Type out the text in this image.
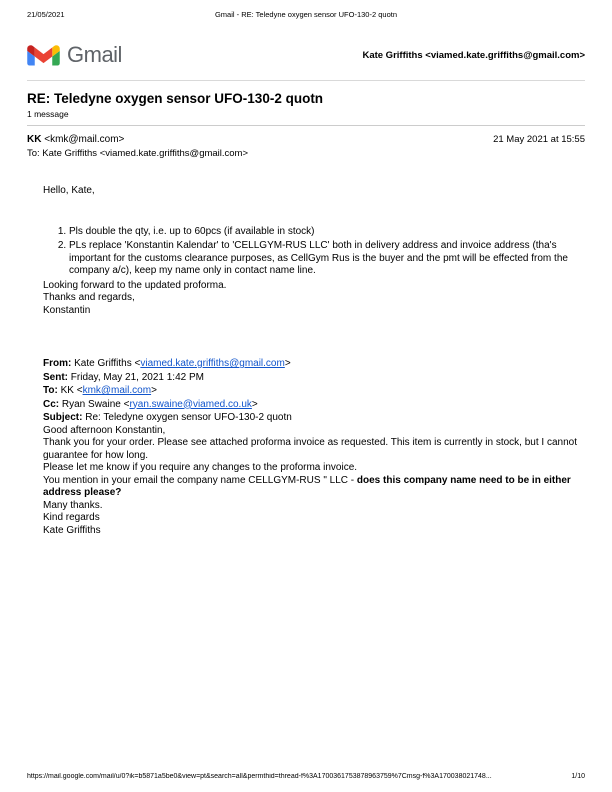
21/05/2021	Gmail - RE: Teledyne oxygen sensor UFO-130-2 quotn
Gmail	Kate Griffiths <viamed.kate.griffiths@gmail.com>
RE: Teledyne oxygen sensor UFO-130-2 quotn
1 message
KK <kmk@mail.com>	21 May 2021 at 15:55
To: Kate Griffiths <viamed.kate.griffiths@gmail.com>

Hello, Kate,

1. Pls double the qty, i.e. up to 60pcs (if available in stock)
2. PLs replace 'Konstantin Kalendar' to 'CELLGYM-RUS LLC' both in delivery address and invoice address (tha's important for the customs clearance purposes, as CellGym Rus is the buyer and the pmt will be effected from the company a/c), keep my name only in contact name line.

Looking forward to the updated proforma.

Thanks and regards,

Konstantin

From: Kate Griffiths <viamed.kate.griffiths@gmail.com>
Sent: Friday, May 21, 2021 1:42 PM
To: KK <kmk@mail.com>
Cc: Ryan Swaine <ryan.swaine@viamed.co.uk>
Subject: Re: Teledyne oxygen sensor UFO-130-2 quotn

Good afternoon Konstantin,

Thank you for your order. Please see attached proforma invoice as requested. This item is currently in stock, but I cannot guarantee for how long.

Please let me know if you require any changes to the proforma invoice.

You mention in your email the company name CELLGYM-RUS " LLC - does this company name need to be in either address please?

Many thanks.

Kind regards

Kate Griffiths

https://mail.google.com/mail/u/0?ik=b5871a5be0&view=pt&search=all&permthid=thread-f%3A1700361753878963759%7Cmsg-f%3A170038021748...	1/10
